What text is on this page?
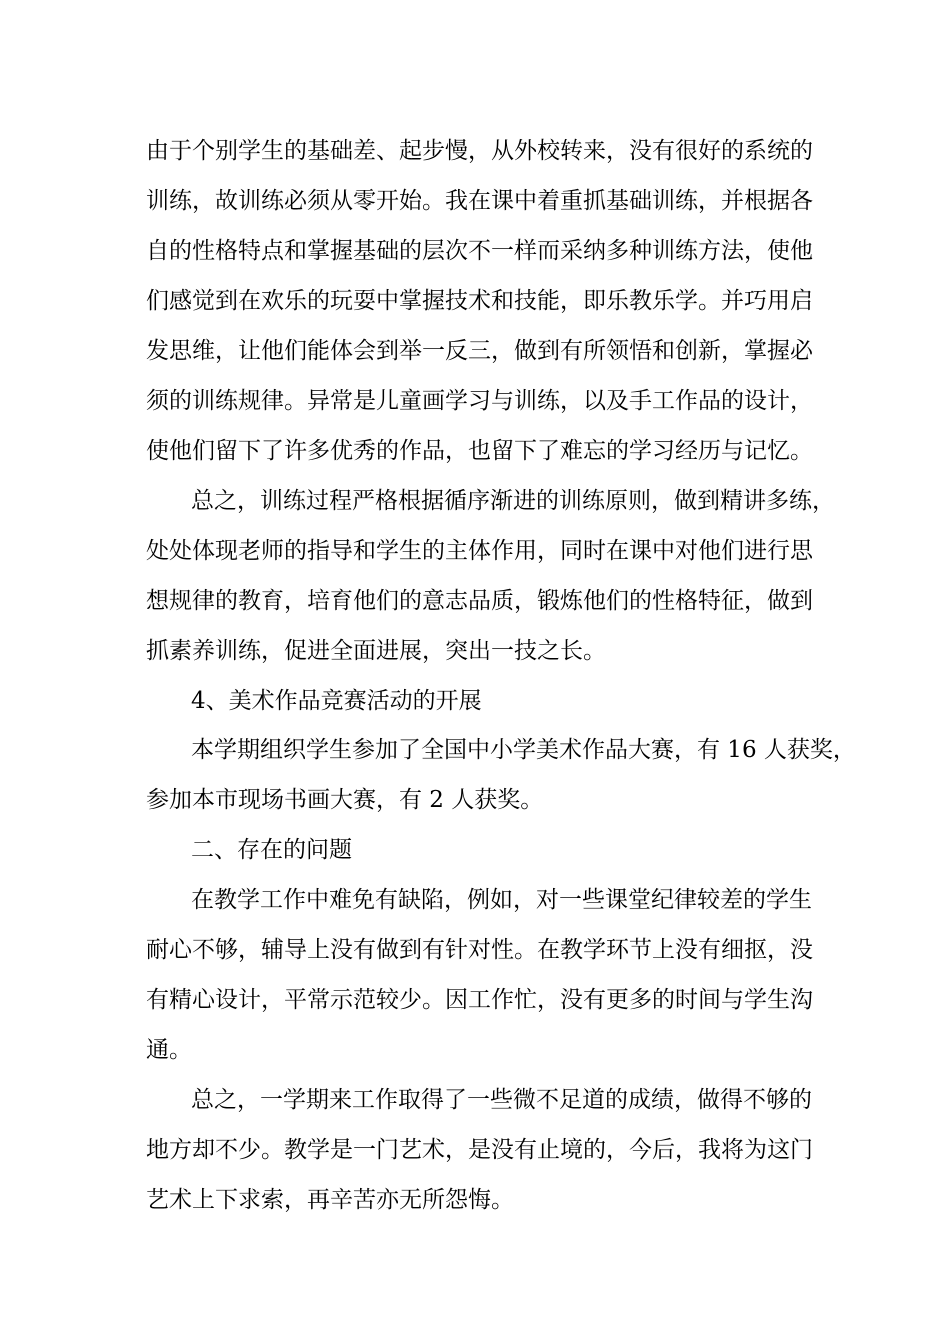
由于个别学生的基础差、起步慢，从外校转来，没有很好的系统的
训练，故训练必须从零开始。我在课中着重抓基础训练，并根据各
自的性格特点和掌握基础的层次不一样而采纳多种训练方法，使他
们感觉到在欢乐的玩耍中掌握技术和技能，即乐教乐学。并巧用启
发思维，让他们能体会到举一反三，做到有所领悟和创新，掌握必
须的训练规律。异常是儿童画学习与训练，以及手工作品的设计，
使他们留下了许多优秀的作品，也留下了难忘的学习经历与记忆。
总之，训练过程严格根据循序渐进的训练原则，做到精讲多练，
处处体现老师的指导和学生的主体作用，同时在课中对他们进行思
想规律的教育，培育他们的意志品质，锻炼他们的性格特征，做到
抓素养训练，促进全面进展，突出一技之长。
4、美术作品竞赛活动的开展
本学期组织学生参加了全国中小学美术作品大赛，有 16 人获奖，
参加本市现场书画大赛，有 2 人获奖。
二、存在的问题
在教学工作中难免有缺陷，例如，对一些课堂纪律较差的学生
耐心不够，辅导上没有做到有针对性。在教学环节上没有细抠，没
有精心设计，平常示范较少。因工作忙，没有更多的时间与学生沟
通。
总之，一学期来工作取得了一些微不足道的成绩，做得不够的
地方却不少。教学是一门艺术，是没有止境的，今后，我将为这门
艺术上下求索，再辛苦亦无所怨悔。
